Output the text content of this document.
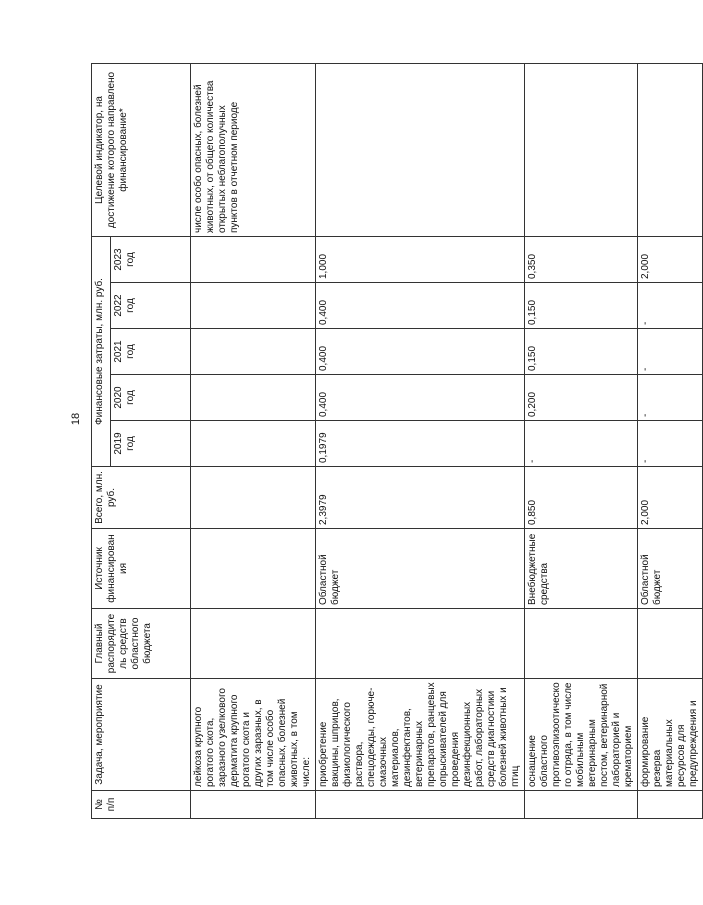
18
№ п/п	Задача, мероприятие	Главный распорядитель средств областного бюджета	Источник финансирования	Всего, млн. руб.	Финансовые затраты, млн. руб.					Целевой индикатор, на достижение которого направлено финансирование*
					2019 год	2020 год	2021 год	2022 год	2023 год	
	лейкоза крупного рогатого скота, заразного узелкового дерматита крупного рогатого скота и других заразных, в том числе особо опасных, болезней животных, в том числе:									числе особо опасных, болезней животных, от общего количества открытых неблагополучных пунктов в отчетном периоде
	приобретение вакцины, шприцов, физиологического раствора, спецодежды, горюче-смазочных материалов, дезинфектантов, ветеринарных препаратов, ранцевых опрыскивателей для проведения дезинфекционных работ, лабораторных средств диагностики болезней животных и птиц		Областной бюджет	2,3979	0,1979	0,400	0,400	0,400	1,000	
	оснащение областного противоэпизоотического отряда, в том числе мобильным ветеринарным постом, ветеринарной лабораторией и крематорием		Внебюджетные средства	0,850	-	0,200	0,150	0,150	0,350	
	формирование резерва материальных ресурсов для предупреждения и		Областной бюджет	2,000	-	-	-	-	2,000	
